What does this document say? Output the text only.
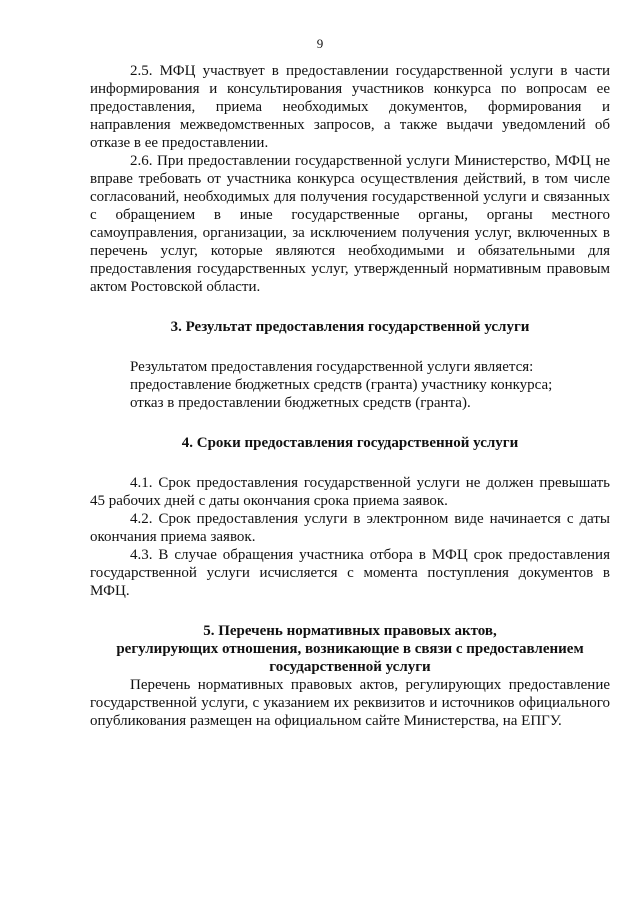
9

2.5. МФЦ участвует в предоставлении государственной услуги в части информирования и консультирования участников конкурса по вопросам ее предоставления, приема необходимых документов, формирования и направления межведомственных запросов, а также выдачи уведомлений об отказе в ее предоставлении.

2.6. При предоставлении государственной услуги Министерство, МФЦ не вправе требовать от участника конкурса осуществления действий, в том числе согласований, необходимых для получения государственной услуги и связанных с обращением в иные государственные органы, органы местного самоуправления, организации, за исключением получения услуг, включенных в перечень услуг, которые являются необходимыми и обязательными для предоставления государственных услуг, утвержденный нормативным правовым актом Ростовской области.

3. Результат предоставления государственной услуги

Результатом предоставления государственной услуги является:

предоставление бюджетных средств (гранта) участнику конкурса;

отказ в предоставлении бюджетных средств (гранта).

4. Сроки предоставления государственной услуги

4.1. Срок предоставления государственной услуги не должен превышать 45 рабочих дней с даты окончания срока приема заявок.

4.2. Срок предоставления услуги в электронном виде начинается с даты окончания приема заявок.

4.3. В случае обращения участника отбора в МФЦ срок предоставления государственной услуги исчисляется с момента поступления документов в МФЦ.

5. Перечень нормативных правовых актов,

регулирующих отношения, возникающие в связи с предоставлением

государственной услуги

Перечень нормативных правовых актов, регулирующих предоставление государственной услуги, с указанием их реквизитов и источников официального опубликования размещен на официальном сайте Министерства, на ЕПГУ.
